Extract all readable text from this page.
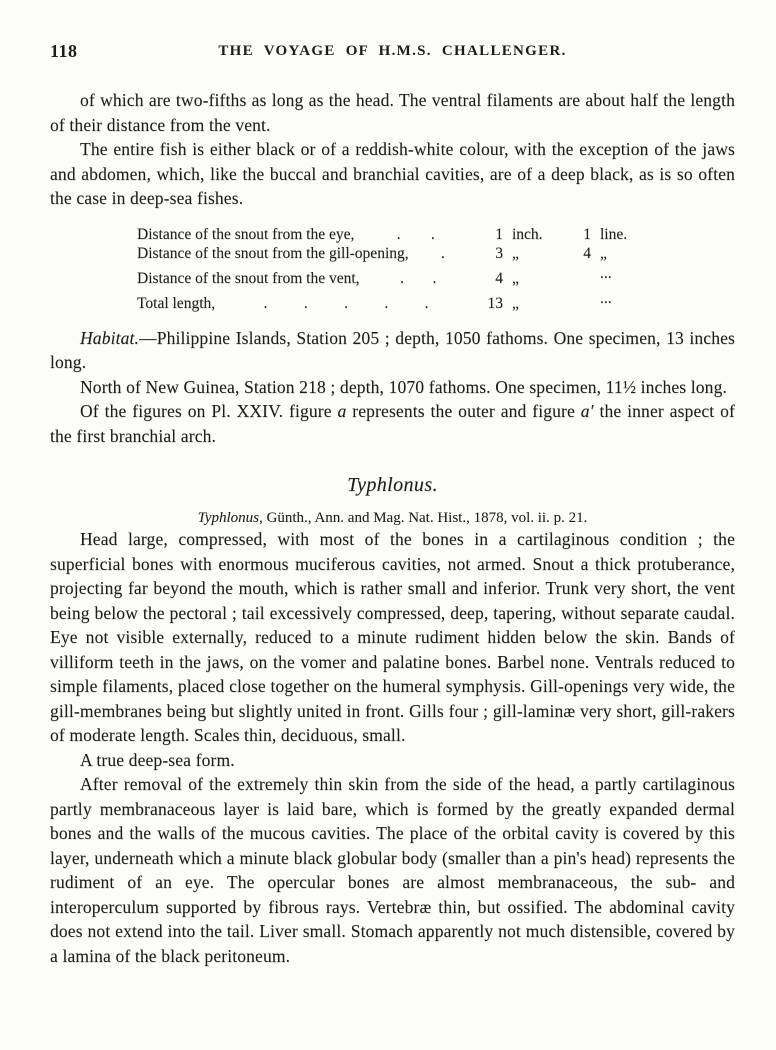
118	THE VOYAGE OF H.M.S. CHALLENGER.

of which are two-fifths as long as the head. The ventral filaments are about half the length of their distance from the vent.

The entire fish is either black or of a reddish-white colour, with the exception of the jaws and abdomen, which, like the buccal and branchial cavities, are of a deep black, as is so often the case in deep-sea fishes.

Distance of the snout from the eye,	. .	1 inch.	1 line.
Distance of the snout from the gill-opening, .	3 „	4 „
Distance of the snout from the vent,	. .	4 „	...
Total length,	. . . . .	13 „	...

Habitat.—Philippine Islands, Station 205 ; depth, 1050 fathoms. One specimen, 13 inches long.

North of New Guinea, Station 218 ; depth, 1070 fathoms. One specimen, 11½ inches long.

Of the figures on Pl. XXIV. figure a represents the outer and figure a′ the inner aspect of the first branchial arch.

Typhlonus.
Typhlonus, Günth., Ann. and Mag. Nat. Hist., 1878, vol. ii. p. 21.

Head large, compressed, with most of the bones in a cartilaginous condition ; the superficial bones with enormous muciferous cavities, not armed. Snout a thick protuberance, projecting far beyond the mouth, which is rather small and inferior. Trunk very short, the vent being below the pectoral ; tail excessively compressed, deep, tapering, without separate caudal. Eye not visible externally, reduced to a minute rudiment hidden below the skin. Bands of villiform teeth in the jaws, on the vomer and palatine bones. Barbel none. Ventrals reduced to simple filaments, placed close together on the humeral symphysis. Gill-openings very wide, the gill-membranes being but slightly united in front. Gills four ; gill-laminæ very short, gill-rakers of moderate length. Scales thin, deciduous, small.

A true deep-sea form.

After removal of the extremely thin skin from the side of the head, a partly cartilaginous partly membranaceous layer is laid bare, which is formed by the greatly expanded dermal bones and the walls of the mucous cavities. The place of the orbital cavity is covered by this layer, underneath which a minute black globular body (smaller than a pin's head) represents the rudiment of an eye. The opercular bones are almost membranaceous, the sub- and interoperculum supported by fibrous rays. Vertebræ thin, but ossified. The abdominal cavity does not extend into the tail. Liver small. Stomach apparently not much distensible, covered by a lamina of the black peritoneum.
